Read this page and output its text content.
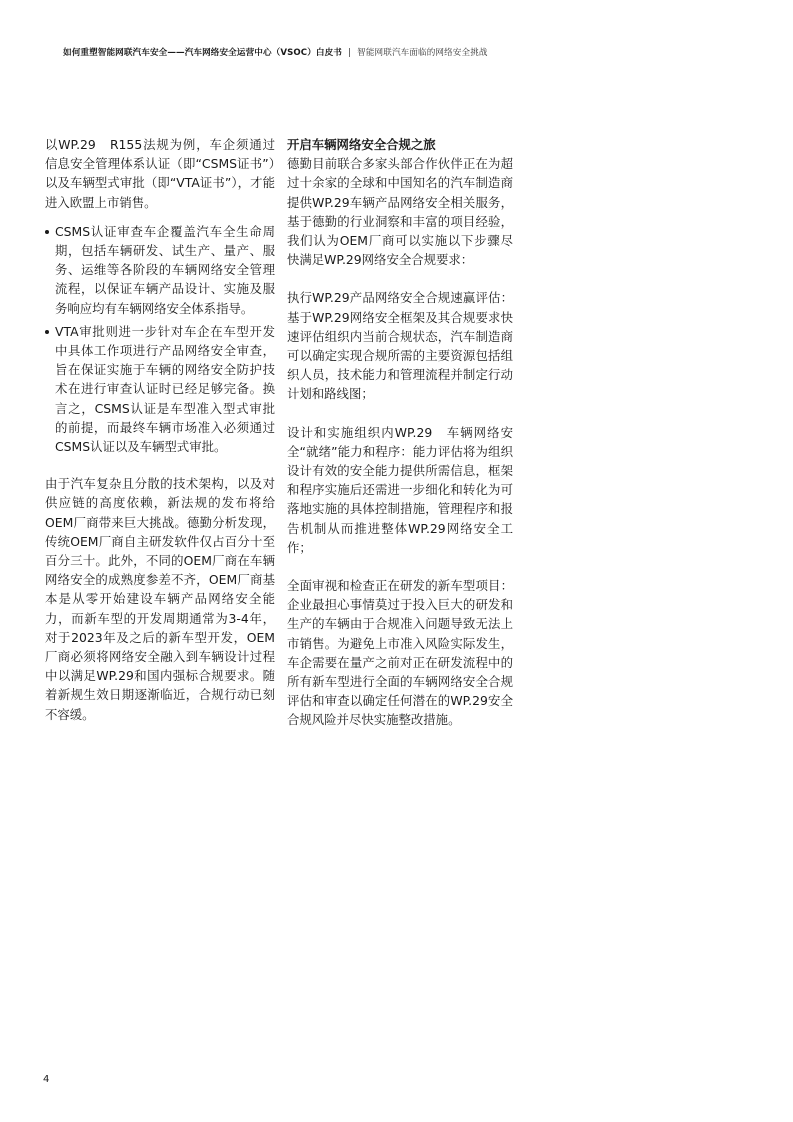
如何重塑智能网联汽车安全——汽车网络安全运营中心（VSOC）白皮书 | 智能网联汽车面临的网络安全挑战

以WP.29　R155法规为例，车企须通过信息安全管理体系认证（即“CSMS证书”）以及车辆型式审批（即“VTA证书”），才能进入欧盟上市销售。

CSMS认证审查车企覆盖汽车全生命周期，包括车辆研发、试生产、量产、服务、运维等各阶段的车辆网络安全管理流程，以保证车辆产品设计、实施及服务响应均有车辆网络安全体系指导。
VTA审批则进一步针对车企在车型开发中具体工作项进行产品网络安全审查，旨在保证实施于车辆的网络安全防护技术在进行审查认证时已经足够完备。换言之，CSMS认证是车型准入型式审批的前提，而最终车辆市场准入必须通过CSMS认证以及车辆型式审批。

由于汽车复杂且分散的技术架构，以及对供应链的高度依赖，新法规的发布将给OEM厂商带来巨大挑战。德勤分析发现，传统OEM厂商自主研发软件仅占百分十至百分三十。此外，不同的OEM厂商在车辆网络安全的成熟度参差不齐，OEM厂商基本是从零开始建设车辆产品网络安全能力，而新车型的开发周期通常为3-4年，对于2023年及之后的新车型开发，OEM厂商必须将网络安全融入到车辆设计过程中以满足WP.29和国内强标合规要求。随着新规生效日期逐渐临近，合规行动已刻不容缓。

开启车辆网络安全合规之旅

德勤目前联合多家头部合作伙伴正在为超过十余家的全球和中国知名的汽车制造商提供WP.29车辆产品网络安全相关服务，基于德勤的行业洞察和丰富的项目经验，我们认为OEM厂商可以实施以下步骤尽快满足WP.29网络安全合规要求：

执行WP.29产品网络安全合规速赢评估：基于WP.29网络安全框架及其合规要求快速评估组织内当前合规状态，汽车制造商可以确定实现合规所需的主要资源包括组织人员，技术能力和管理流程并制定行动计划和路线图；

设计和实施组织内WP.29　车辆网络安全“就绪”能力和程序：能力评估将为组织设计有效的安全能力提供所需信息，框架和程序实施后还需进一步细化和转化为可落地实施的具体控制措施，管理程序和报告机制从而推进整体WP.29网络安全工作；

全面审视和检查正在研发的新车型项目：企业最担心事情莫过于投入巨大的研发和生产的车辆由于合规准入问题导致无法上市销售。为避免上市准入风险实际发生，车企需要在量产之前对正在研发流程中的所有新车型进行全面的车辆网络安全合规评估和审查以确定任何潜在的WP.29安全合规风险并尽快实施整改措施。

4
